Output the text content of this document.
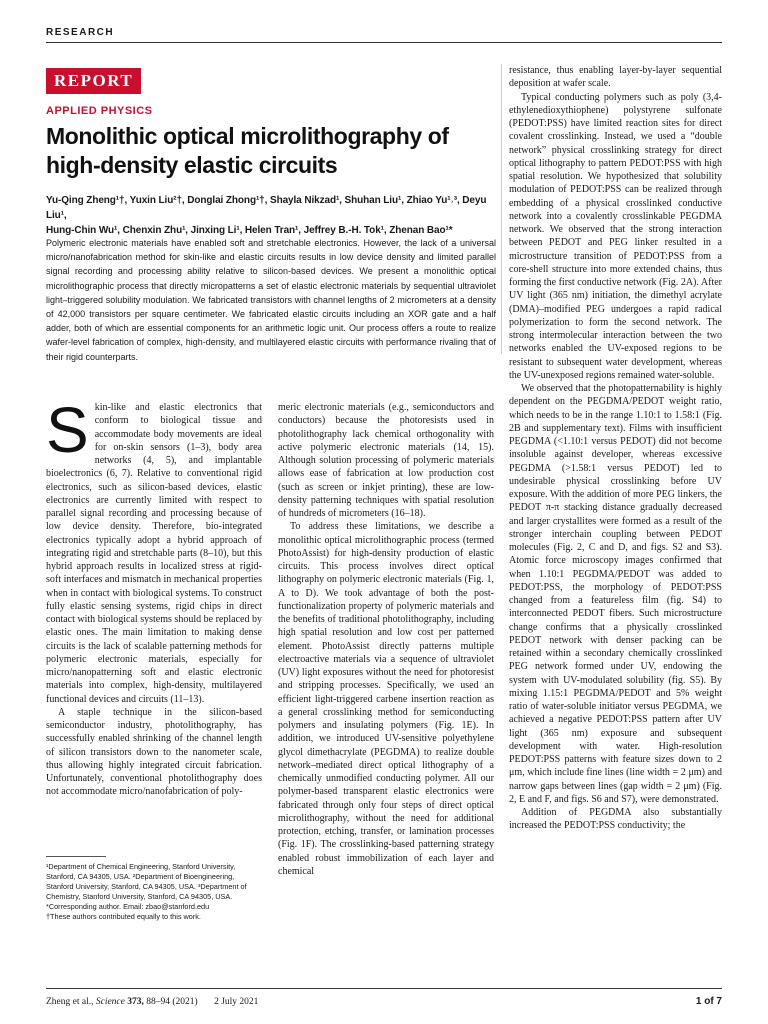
RESEARCH
REPORT
APPLIED PHYSICS
Monolithic optical microlithography of high-density elastic circuits
Yu-Qing Zheng¹†, Yuxin Liu²†, Donglai Zhong¹†, Shayla Nikzad¹, Shuhan Liu¹, Zhiao Yu¹˒³, Deyu Liu¹,
Hung-Chin Wu¹, Chenxin Zhu¹, Jinxing Li¹, Helen Tran¹, Jeffrey B.-H. Tok¹, Zhenan Bao¹*
Polymeric electronic materials have enabled soft and stretchable electronics. However, the lack of a universal micro/nanofabrication method for skin-like and elastic circuits results in low device density and limited parallel signal recording and processing ability relative to silicon-based devices. We present a monolithic optical microlithographic process that directly micropatterns a set of elastic electronic materials by sequential ultraviolet light–triggered solubility modulation. We fabricated transistors with channel lengths of 2 micrometers at a density of 42,000 transistors per square centimeter. We fabricated elastic circuits including an XOR gate and a half adder, both of which are essential components for an arithmetic logic unit. Our process offers a route to realize wafer-level fabrication of complex, high-density, and multilayered elastic circuits with performance rivaling that of their rigid counterparts.

Skin-like and elastic electronics that conform to biological tissue and accommodate body movements are ideal for on-skin sensors (1–3), body area networks (4, 5), and implantable bioelectronics (6, 7). Relative to conventional rigid electronics, such as silicon-based devices, elastic electronics are currently limited with respect to parallel signal recording and processing because of low device density. Therefore, bio-integrated electronics typically adopt a hybrid approach of integrating rigid and stretchable parts (8–10), but this hybrid approach results in localized stress at rigid-soft interfaces and mismatch in mechanical properties when in contact with biological systems. To construct fully elastic sensing systems, rigid chips in direct contact with biological systems should be replaced by elastic ones. The main limitation to making dense circuits is the lack of scalable patterning methods for polymeric electronic materials, especially for micro/nanopatterning soft and elastic electronic materials into complex, high-density, multilayered functional devices and circuits (11–13).

A staple technique in the silicon-based semiconductor industry, photolithography, has successfully enabled shrinking of the channel length of silicon transistors down to the nanometer scale, thus allowing highly integrated circuit fabrication. Unfortunately, conventional photolithography does not accommodate micro/nanofabrication of poly-

meric electronic materials (e.g., semiconductors and conductors) because the photoresists used in photolithography lack chemical orthogonality with active polymeric electronic materials (14, 15). Although solution processing of polymeric materials allows ease of fabrication at low production cost (such as screen or inkjet printing), these are low-density patterning techniques with spatial resolution of hundreds of micrometers (16–18).

To address these limitations, we describe a monolithic optical microlithographic process (termed PhotoAssist) for high-density production of elastic circuits. This process involves direct optical lithography on polymeric electronic materials (Fig. 1, A to D). We took advantage of both the post-functionalization property of polymeric materials and the benefits of traditional photolithography, including high spatial resolution and low cost per patterned element. PhotoAssist directly patterns multiple electroactive materials via a sequence of ultraviolet (UV) light exposures without the need for photoresist and stripping processes. Specifically, we used an efficient light-triggered carbene insertion reaction as a general crosslinking method for semiconducting polymers and insulating polymers (Fig. 1E). In addition, we introduced UV-sensitive polyethylene glycol dimethacrylate (PEGDMA) to realize double network–mediated direct optical lithography of a chemically unmodified conducting polymer. All our polymer-based transparent elastic electronics were fabricated through only four steps of direct optical microlithography, without the need for additional protection, etching, transfer, or lamination processes (Fig. 1F). The crosslinking-based patterning strategy enabled robust immobilization of each layer and chemical

resistance, thus enabling layer-by-layer sequential deposition at wafer scale.

Typical conducting polymers such as poly (3,4-ethylenedioxythiophene) polystyrene sulfonate (PEDOT:PSS) have limited reaction sites for direct covalent crosslinking. Instead, we used a “double network” physical crosslinking strategy for direct optical lithography to pattern PEDOT:PSS with high spatial resolution. We hypothesized that solubility modulation of PEDOT:PSS can be realized through embedding of a physical crosslinked conductive network into a covalently crosslinkable PEGDMA network. We observed that the strong interaction between PEDOT and PEG linker resulted in a microstructure transition of PEDOT:PSS from a core-shell structure into more extended chains, thus forming the first conductive network (Fig. 2A). After UV light (365 nm) initiation, the dimethyl acrylate (DMA)–modified PEG undergoes a rapid radical polymerization to form the second network. The strong intermolecular interaction between the two networks enabled the UV-exposed regions to be resistant to subsequent water development, whereas the UV-unexposed regions remained water-soluble.

We observed that the photopatternability is highly dependent on the PEGDMA/PEDOT weight ratio, which needs to be in the range 1.10:1 to 1.58:1 (Fig. 2B and supplementary text). Films with insufficient PEGDMA (<1.10:1 versus PEDOT) did not become insoluble against developer, whereas excessive PEGDMA (>1.58:1 versus PEDOT) led to undesirable physical crosslinking before UV exposure. With the addition of more PEG linkers, the PEDOT π-π stacking distance gradually decreased and larger crystallites were formed as a result of the stronger interchain coupling between PEDOT molecules (Fig. 2, C and D, and figs. S2 and S3). Atomic force microscopy images confirmed that when 1.10:1 PEGDMA/PEDOT was added to PEDOT:PSS, the morphology of PEDOT:PSS changed from a featureless film (fig. S4) to interconnected PEDOT fibers. Such microstructure change confirms that a physically crosslinked PEDOT network with denser packing can be retained within a secondary chemically crosslinked PEG network formed under UV, endowing the system with UV-modulated solubility (fig. S5). By mixing 1.15:1 PEGDMA/PEDOT and 5% weight ratio of water-soluble initiator versus PEGDMA, we achieved a negative PEDOT:PSS pattern after UV light (365 nm) exposure and subsequent development with water. High-resolution PEDOT:PSS patterns with feature sizes down to 2 μm, which include fine lines (line width = 2 μm) and narrow gaps between lines (gap width = 2 μm) (Fig. 2, E and F, and figs. S6 and S7), were demonstrated.

Addition of PEGDMA also substantially increased the PEDOT:PSS conductivity; the

¹Department of Chemical Engineering, Stanford University, Stanford, CA 94305, USA. ²Department of Bioengineering, Stanford University, Stanford, CA 94305, USA. ³Department of Chemistry, Stanford University, Stanford, CA 94305, USA.

*Corresponding author. Email: zbao@stanford.edu

†These authors contributed equally to this work.

Zheng et al., Science 373, 88–94 (2021) 2 July 2021	1 of 7
